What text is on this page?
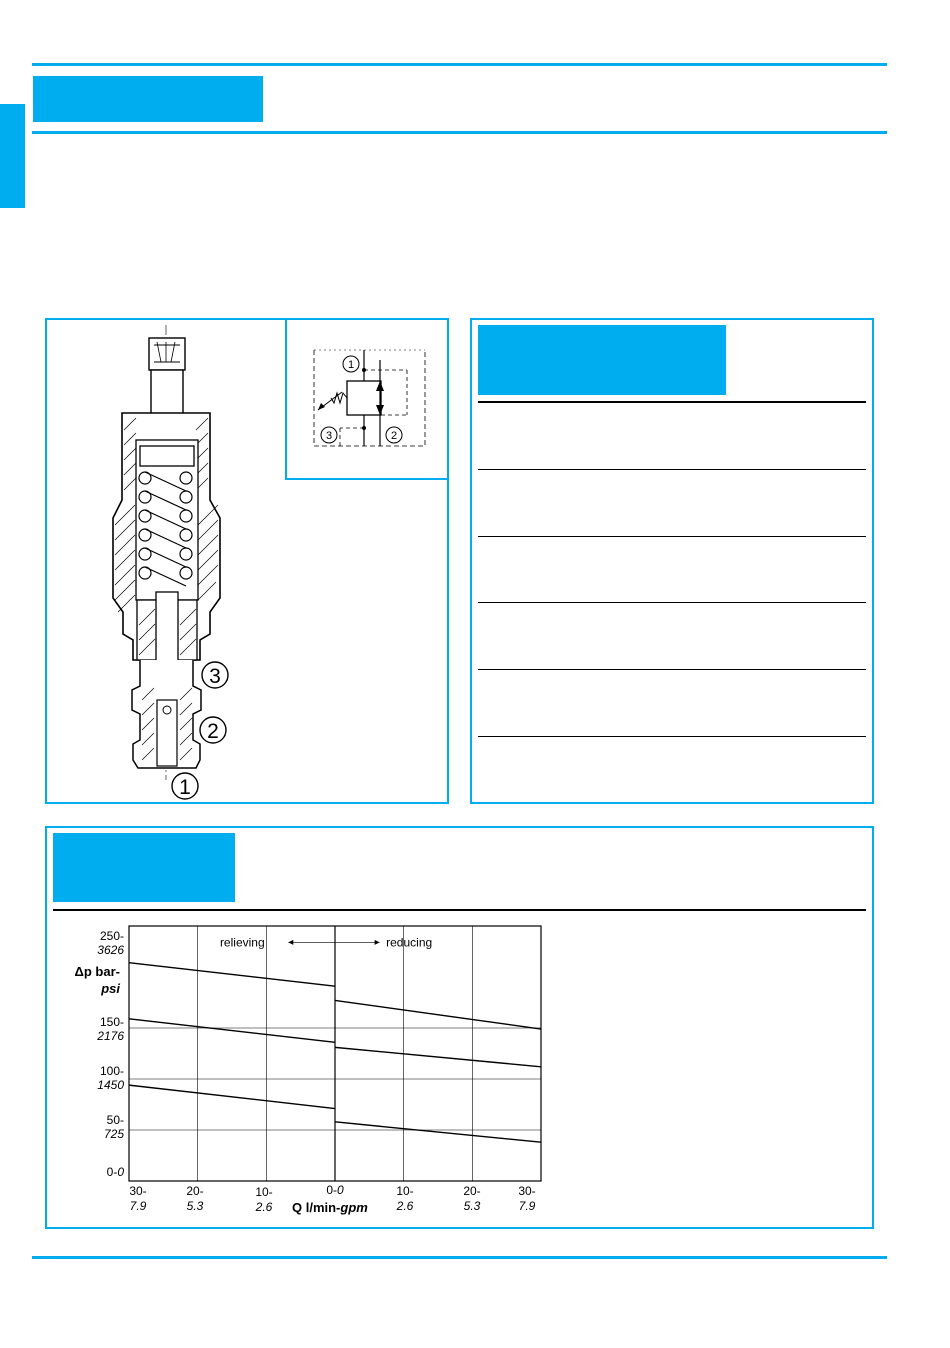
3
2
1
1
3	2
relieving	reducing
250-
3626
Δp bar-
psi
150-
2176
100-
1450
50-
725
0-0
30-
7.9
20-
5.3
10-
2.6
0-0	10-
2.6
20-
5.3
30-
7.9
Q l/min-gpm
